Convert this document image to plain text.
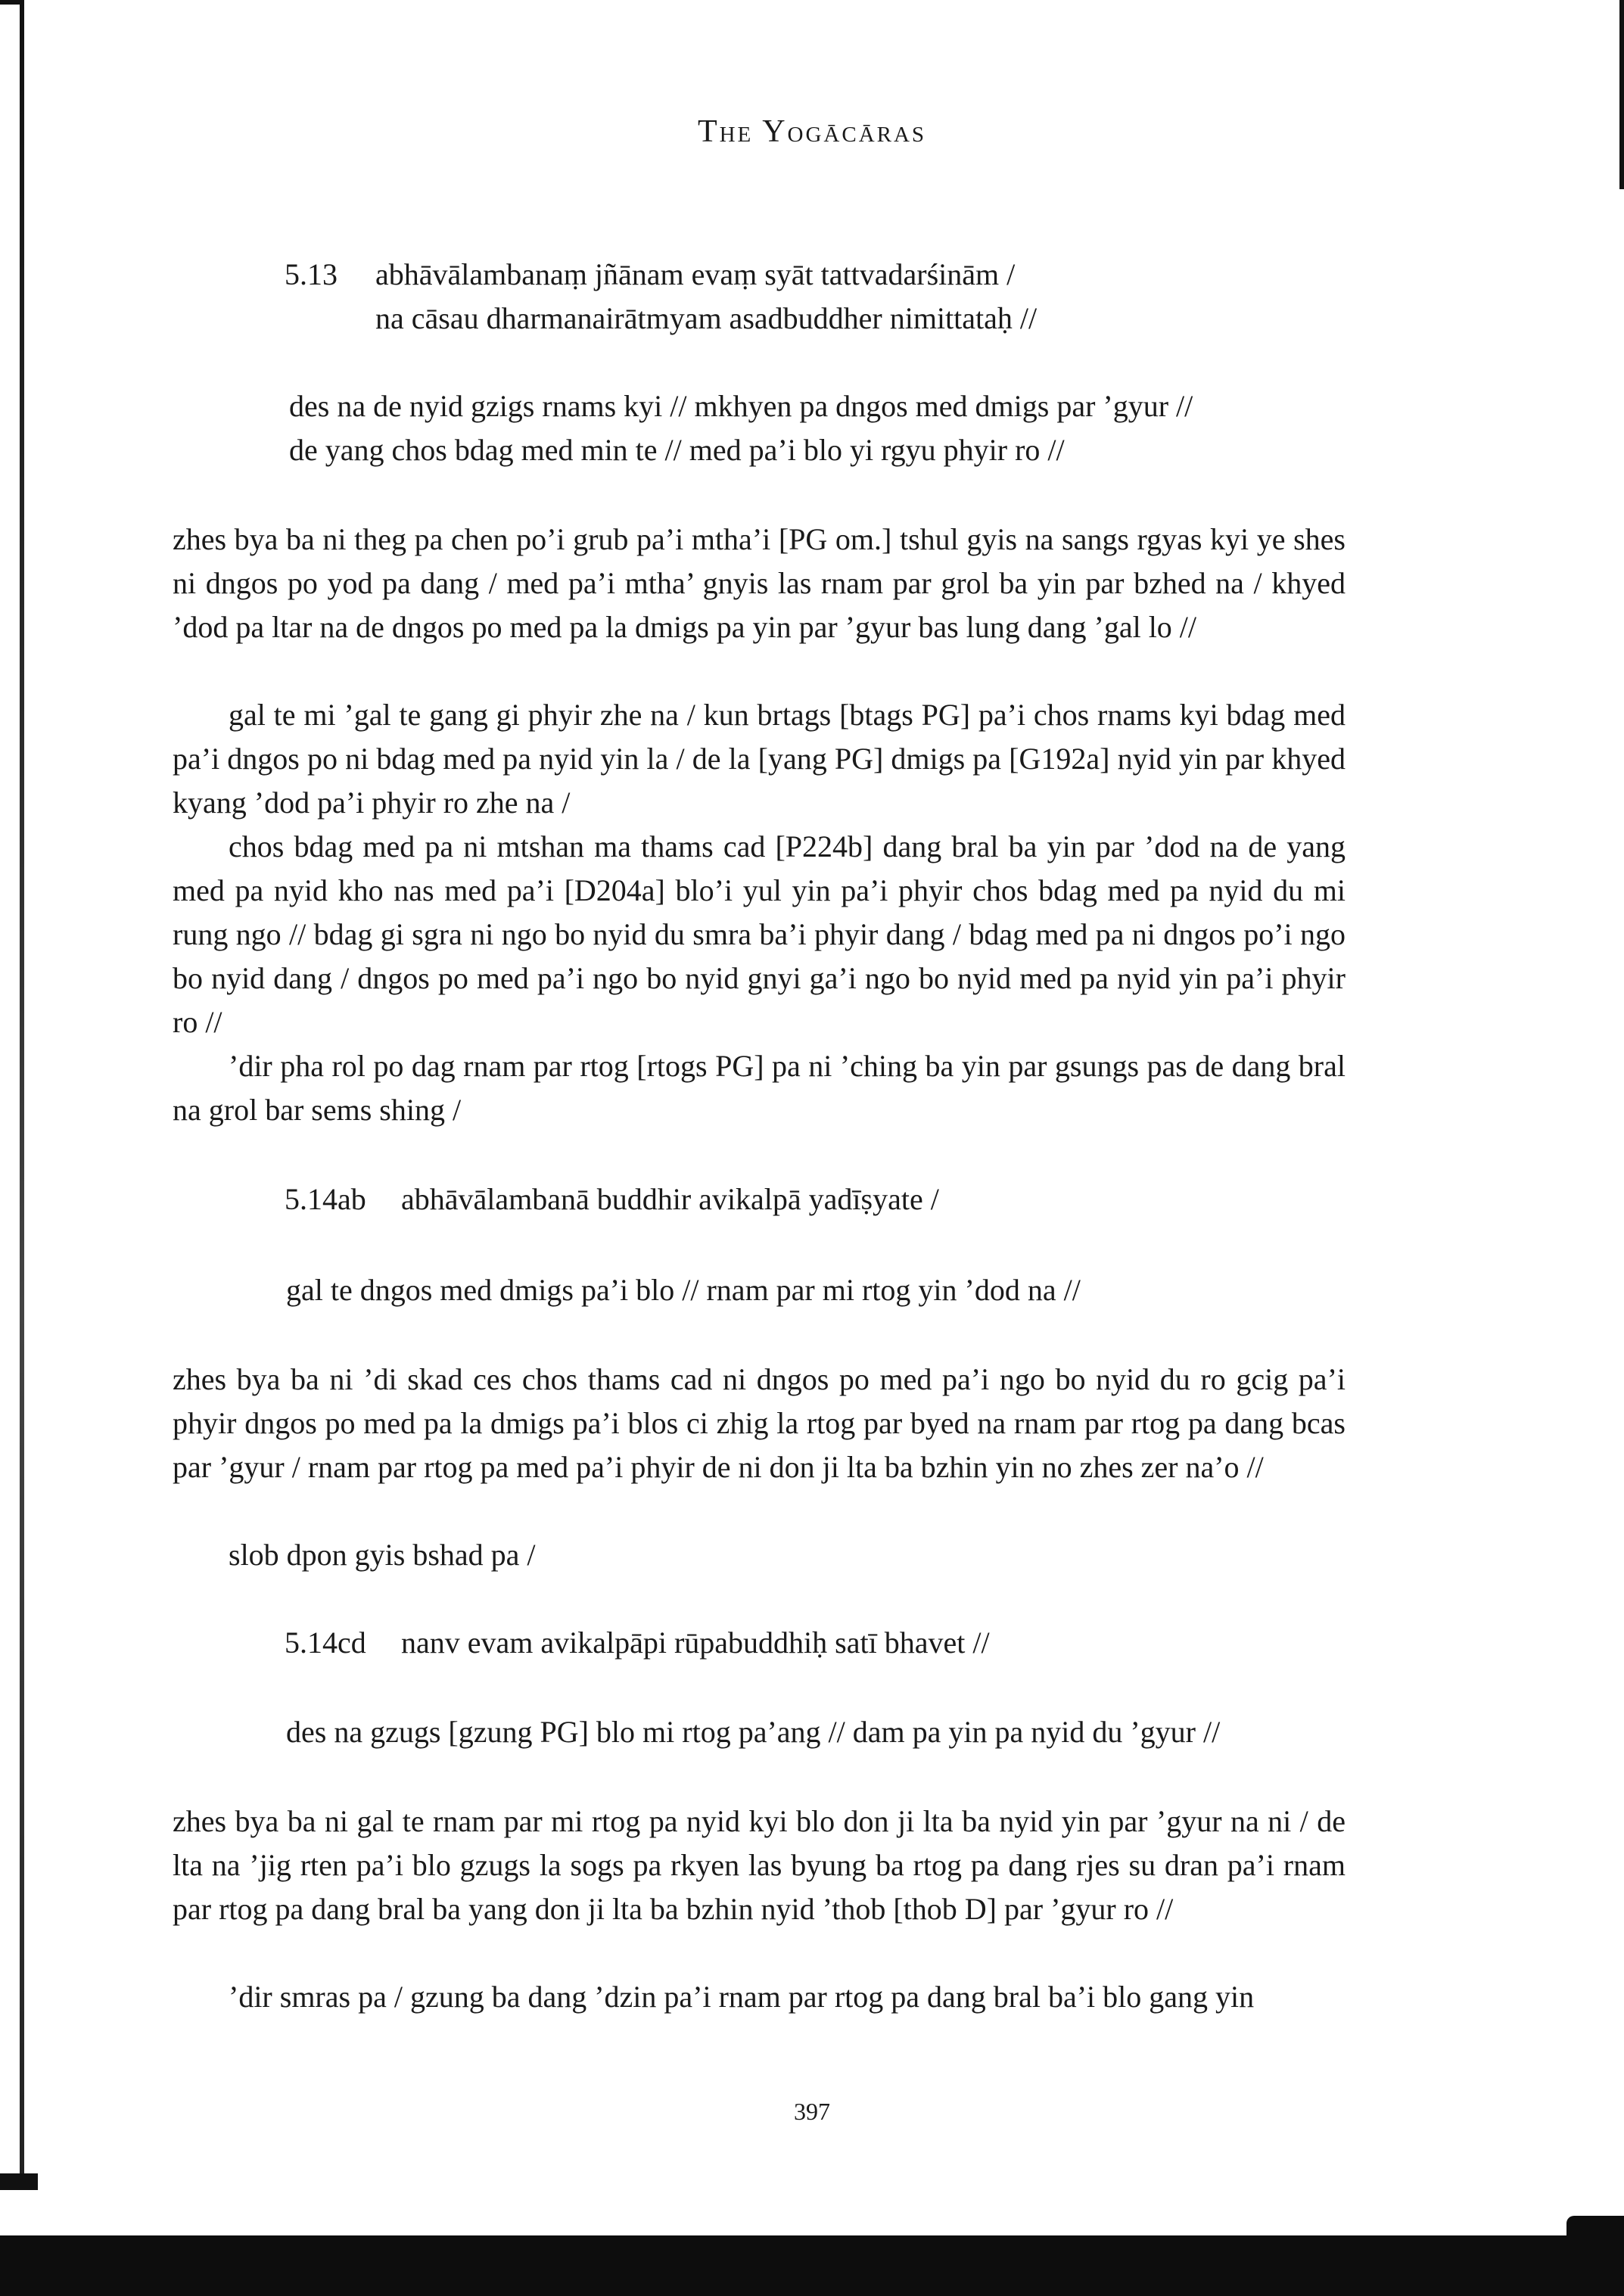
The Yogācāras
5.13 abhāvālambanaṃ jñānam evaṃ syāt tattvadarśinām /
na cāsau dharmanairātmyam asadbuddher nimittataḥ //
des na de nyid gzigs rnams kyi // mkhyen pa dngos med dmigs par ’gyur //
de yang chos bdag med min te // med pa’i blo yi rgyu phyir ro //
zhes bya ba ni theg pa chen po’i grub pa’i mtha’i [PG om.] tshul gyis na sangs rgyas kyi ye shes ni dngos po yod pa dang / med pa’i mtha’ gnyis las rnam par grol ba yin par bzhed na / khyed ’dod pa ltar na de dngos po med pa la dmigs pa yin par ’gyur bas lung dang ’gal lo //
gal te mi ’gal te gang gi phyir zhe na / kun brtags [btags PG] pa’i chos rnams kyi bdag med pa’i dngos po ni bdag med pa nyid yin la / de la [yang PG] dmigs pa [G192a] nyid yin par khyed kyang ’dod pa’i phyir ro zhe na /
chos bdag med pa ni mtshan ma thams cad [P224b] dang bral ba yin par ’dod na de yang med pa nyid kho nas med pa’i [D204a] blo’i yul yin pa’i phyir chos bdag med pa nyid du mi rung ngo // bdag gi sgra ni ngo bo nyid du smra ba’i phyir dang / bdag med pa ni dngos po’i ngo bo nyid dang / dngos po med pa’i ngo bo nyid gnyi ga’i ngo bo nyid med pa nyid yin pa’i phyir ro //
’dir pha rol po dag rnam par rtog [rtogs PG] pa ni ’ching ba yin par gsungs pas de dang bral na grol bar sems shing /
5.14ab abhāvālambanā buddhir avikalpā yadīṣyate /
gal te dngos med dmigs pa’i blo // rnam par mi rtog yin ’dod na //
zhes bya ba ni ’di skad ces chos thams cad ni dngos po med pa’i ngo bo nyid du ro gcig pa’i phyir dngos po med pa la dmigs pa’i blos ci zhig la rtog par byed na rnam par rtog pa dang bcas par ’gyur / rnam par rtog pa med pa’i phyir de ni don ji lta ba bzhin yin no zhes zer na’o //
slob dpon gyis bshad pa /
5.14cd nanv evam avikalpāpi rūpabuddhiḥ satī bhavet //
des na gzugs [gzung PG] blo mi rtog pa’ang // dam pa yin pa nyid du ’gyur //
zhes bya ba ni gal te rnam par mi rtog pa nyid kyi blo don ji lta ba nyid yin par ’gyur na ni / de lta na ’jig rten pa’i blo gzugs la sogs pa rkyen las byung ba rtog pa dang rjes su dran pa’i rnam par rtog pa dang bral ba yang don ji lta ba bzhin nyid ’thob [thob D] par ’gyur ro //
’dir smras pa / gzung ba dang ’dzin pa’i rnam par rtog pa dang bral ba’i blo gang yin
397
